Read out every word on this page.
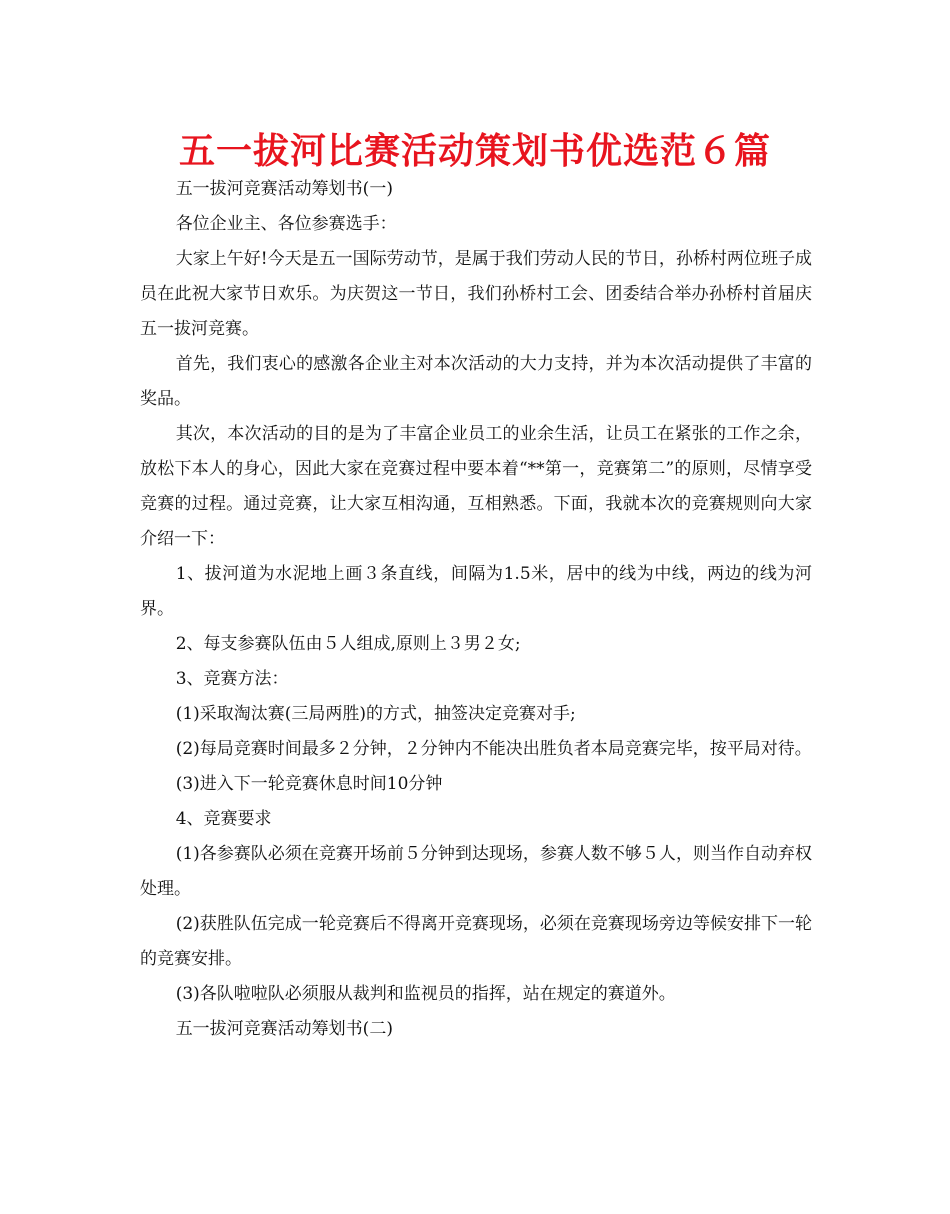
五一拔河比赛活动策划书优选范６篇

五一拔河竞赛活动筹划书(一)

各位企业主、各位参赛选手：

大家上午好!今天是五一国际劳动节，是属于我们劳动人民的节日，孙桥村两位班子成员在此祝大家节日欢乐。为庆贺这一节日，我们孙桥村工会、团委结合举办孙桥村首届庆五一拔河竞赛。

首先，我们衷心的感激各企业主对本次活动的大力支持，并为本次活动提供了丰富的奖品。

其次，本次活动的目的是为了丰富企业员工的业余生活，让员工在紧张的工作之余，放松下本人的身心，因此大家在竞赛过程中要本着“**第一，竞赛第二”的原则，尽情享受竞赛的过程。通过竞赛，让大家互相沟通，互相熟悉。下面，我就本次的竞赛规则向大家介绍一下：

1、拔河道为水泥地上画３条直线，间隔为1.5米，居中的线为中线，两边的线为河界。

2、每支参赛队伍由５人组成,原则上３男２女;

3、竞赛方法：

(1)采取淘汰赛(三局两胜)的方式，抽签决定竞赛对手;

(2)每局竞赛时间最多２分钟，２分钟内不能决出胜负者本局竞赛完毕，按平局对待。

(3)进入下一轮竞赛休息时间10分钟

4、竞赛要求

(1)各参赛队必须在竞赛开场前５分钟到达现场，参赛人数不够５人，则当作自动弃权处理。

(2)获胜队伍完成一轮竞赛后不得离开竞赛现场，必须在竞赛现场旁边等候安排下一轮的竞赛安排。

(3)各队啦啦队必须服从裁判和监视员的指挥，站在规定的赛道外。

五一拔河竞赛活动筹划书(二)
